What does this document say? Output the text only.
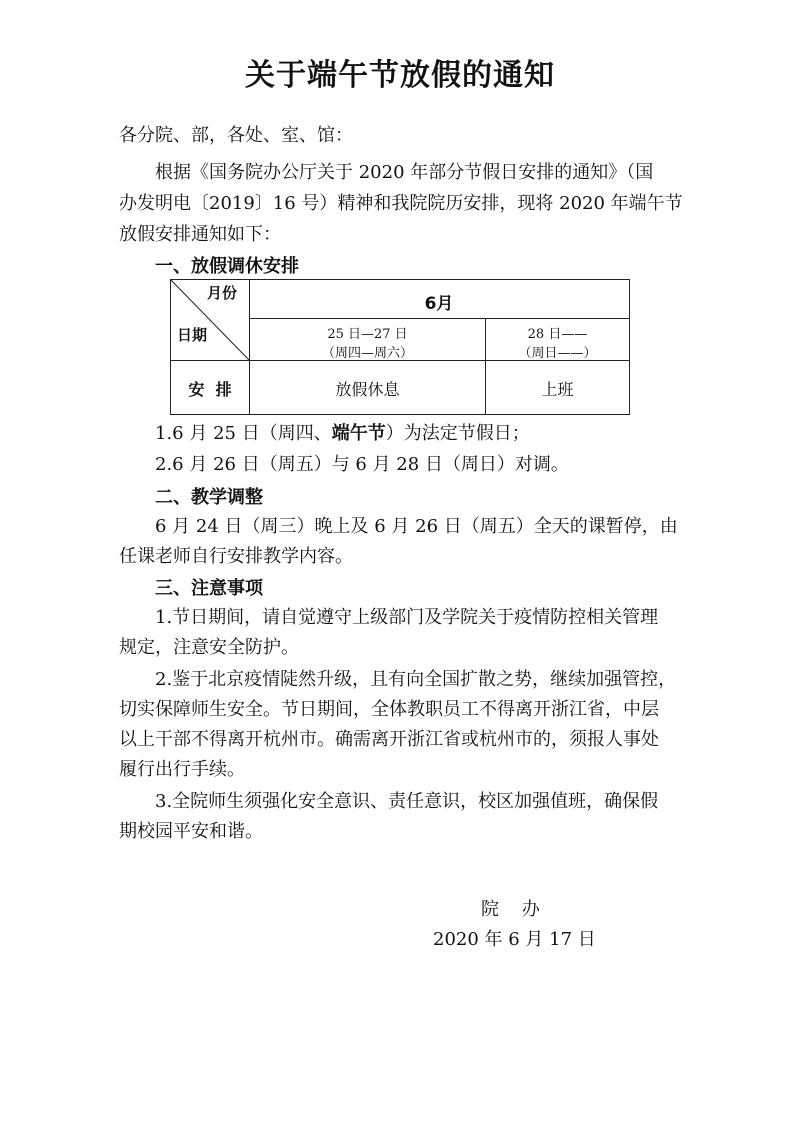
关于端午节放假的通知
各分院、部，各处、室、馆：
根据《国务院办公厅关于 2020 年部分节假日安排的通知》（国
办发明电〔2019〕16 号）精神和我院院历安排，现将 2020 年端午节
放假安排通知如下：
一、放假调休安排
月份
日期
6月
25 日—27 日
（周四—周六）
28 日——
（周日——）
安  排	放假休息	上班
1.6 月 25 日（周四、端午节）为法定节假日；
2.6 月 26 日（周五）与 6 月 28 日（周日）对调。
二、教学调整
6 月 24 日（周三）晚上及 6 月 26 日（周五）全天的课暂停，由
任课老师自行安排教学内容。
三、注意事项
1.节日期间，请自觉遵守上级部门及学院关于疫情防控相关管理
规定，注意安全防护。
2.鉴于北京疫情陡然升级，且有向全国扩散之势，继续加强管控，
切实保障师生安全。节日期间，全体教职员工不得离开浙江省，中层
以上干部不得离开杭州市。确需离开浙江省或杭州市的，须报人事处
履行出行手续。
3.全院师生须强化安全意识、责任意识，校区加强值班，确保假
期校园平安和谐。
院    办
2020 年 6 月 17 日
